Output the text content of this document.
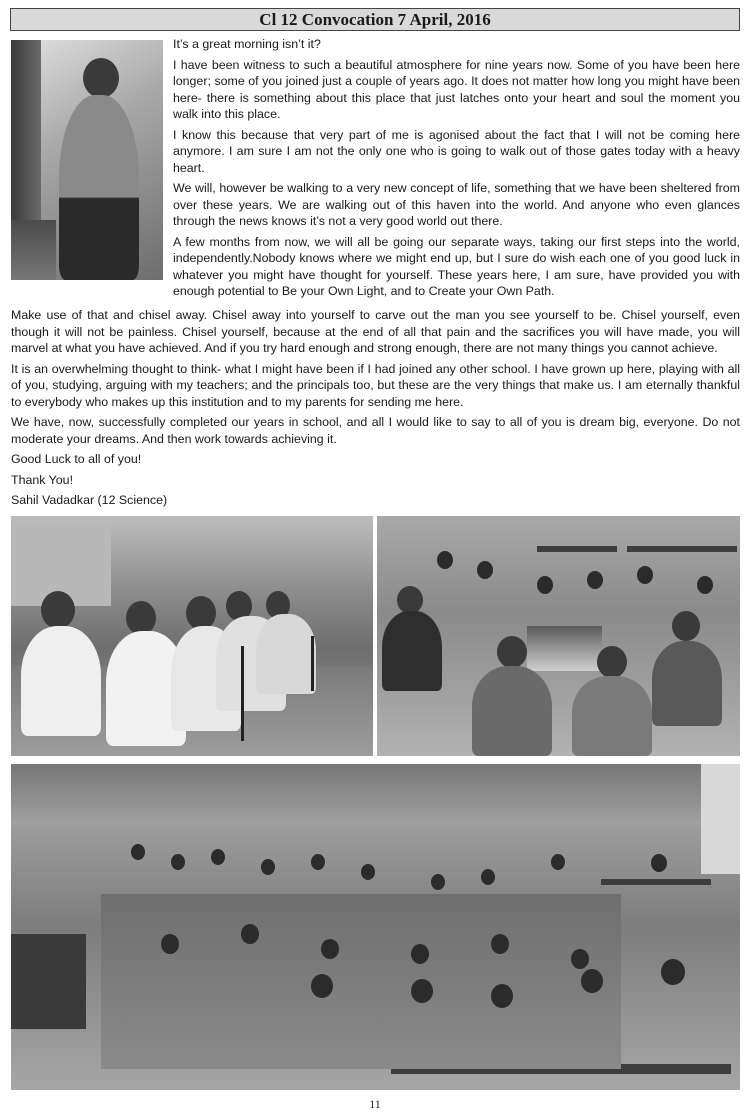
Cl 12 Convocation 7 April, 2016

It’s a great morning isn’t it?

I have been witness to such a beautiful atmosphere for nine years now. Some of you have been here longer; some of you joined just a couple of years ago. It does not matter how long you might have been here- there is something about this place that just latches onto your heart and soul the moment you walk into this place.

I know this because that very part of me is agonised about the fact that I will not be coming here anymore. I am sure I am not the only one who is going to walk out of those gates today with a heavy heart.

We will, however be walking to a very new concept of life, something that we have been sheltered from over these years. We are walking out of this haven into the world. And anyone who even glances through the news knows it’s not a very good world out there.

A few months from now, we will all be going our separate ways, taking our first steps into the world, independently.Nobody knows where we might end up, but I sure do wish each one of you good luck in whatever you might have thought for yourself. These years here, I am sure, have provided you with enough potential to Be your Own Light, and to Create your Own Path.

Make use of that and chisel away. Chisel away into yourself to carve out the man you see yourself to be. Chisel yourself, even though it will not be painless. Chisel yourself, because at the end of all that pain and the sacrifices you will have made, you will marvel at what you have achieved. And if you try hard enough and strong enough, there are not many things you cannot achieve.

It is an overwhelming thought to think- what I might have been if I had joined any other school. I have grown up here, playing with all of you, studying, arguing with my teachers; and the principals too, but these are the very things that make us. I am eternally thankful to everybody who makes up this institution and to my parents for sending me here.

We have, now, successfully completed our years in school, and all I would like to say to all of you is dream big, everyone. Do not moderate your dreams. And then work towards achieving it.

Good Luck to all of you!

Thank You!

Sahil Vadadkar (12 Science)

11
